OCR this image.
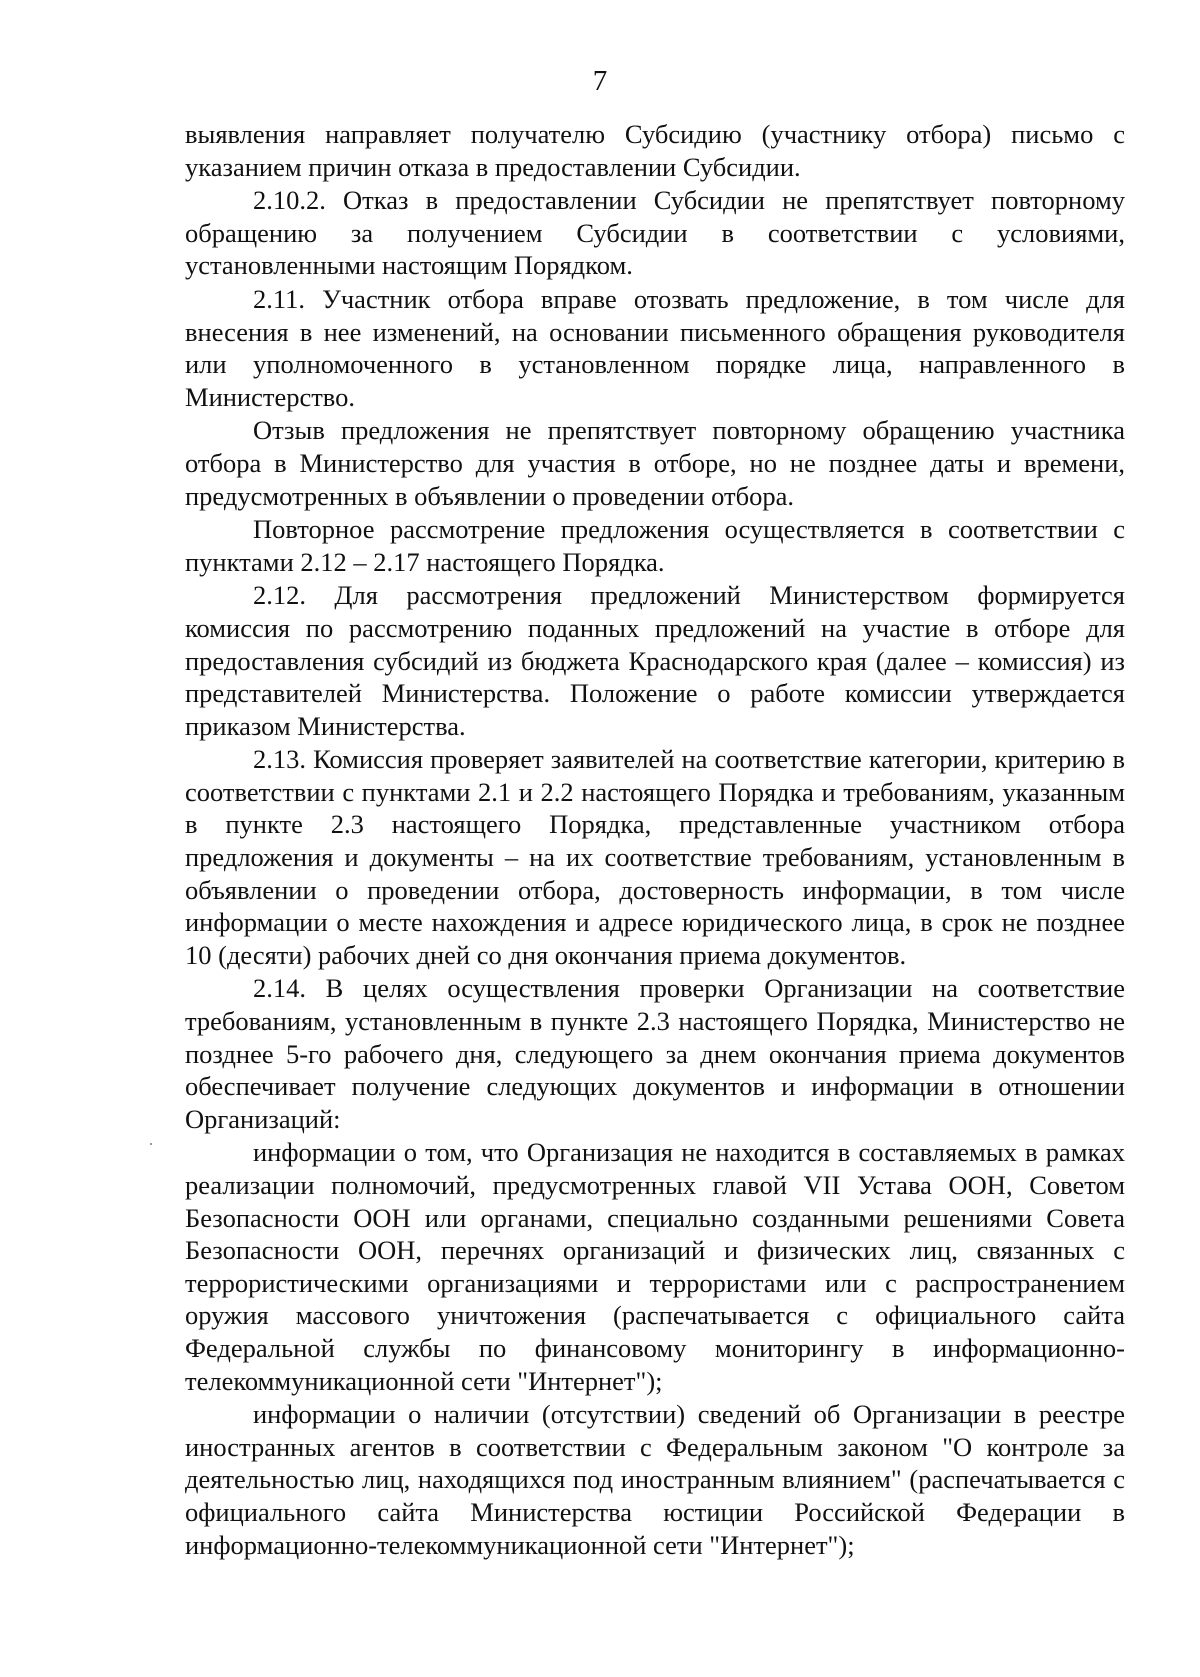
7

выявления направляет получателю Субсидию (участнику отбора) письмо с указанием причин отказа в предоставлении Субсидии.

2.10.2. Отказ в предоставлении Субсидии не препятствует повторному обращению за получением Субсидии в соответствии с условиями, установленными настоящим Порядком.

2.11. Участник отбора вправе отозвать предложение, в том числе для внесения в нее изменений, на основании письменного обращения руководителя или уполномоченного в установленном порядке лица, направленного в Министерство.

Отзыв предложения не препятствует повторному обращению участника отбора в Министерство для участия в отборе, но не позднее даты и времени, предусмотренных в объявлении о проведении отбора.

Повторное рассмотрение предложения осуществляется в соответствии с пунктами 2.12 – 2.17 настоящего Порядка.

2.12. Для рассмотрения предложений Министерством формируется комиссия по рассмотрению поданных предложений на участие в отборе для предоставления субсидий из бюджета Краснодарского края (далее – комиссия) из представителей Министерства. Положение о работе комиссии утверждается приказом Министерства.

2.13. Комиссия проверяет заявителей на соответствие категории, критерию в соответствии с пунктами 2.1 и 2.2 настоящего Порядка и требованиям, указанным в пункте 2.3 настоящего Порядка, представленные участником отбора предложения и документы – на их соответствие требованиям, установленным в объявлении о проведении отбора, достоверность информации, в том числе информации о месте нахождения и адресе юридического лица, в срок не позднее 10 (десяти) рабочих дней со дня окончания приема документов.

2.14. В целях осуществления проверки Организации на соответствие требованиям, установленным в пункте 2.3 настоящего Порядка, Министерство не позднее 5-го рабочего дня, следующего за днем окончания приема документов обеспечивает получение следующих документов и информации в отношении Организаций:

информации о том, что Организация не находится в составляемых в рамках реализации полномочий, предусмотренных главой VII Устава ООН, Советом Безопасности ООН или органами, специально созданными решениями Совета Безопасности ООН, перечнях организаций и физических лиц, связанных с террористическими организациями и террористами или с распространением оружия массового уничтожения (распечатывается с официального сайта Федеральной службы по финансовому мониторингу в информационно-телекоммуникационной сети "Интернет");

информации о наличии (отсутствии) сведений об Организации в реестре иностранных агентов в соответствии с Федеральным законом "О контроле за деятельностью лиц, находящихся под иностранным влиянием" (распечатывается с официального сайта Министерства юстиции Российской Федерации в информационно-телекоммуникационной сети "Интернет");
